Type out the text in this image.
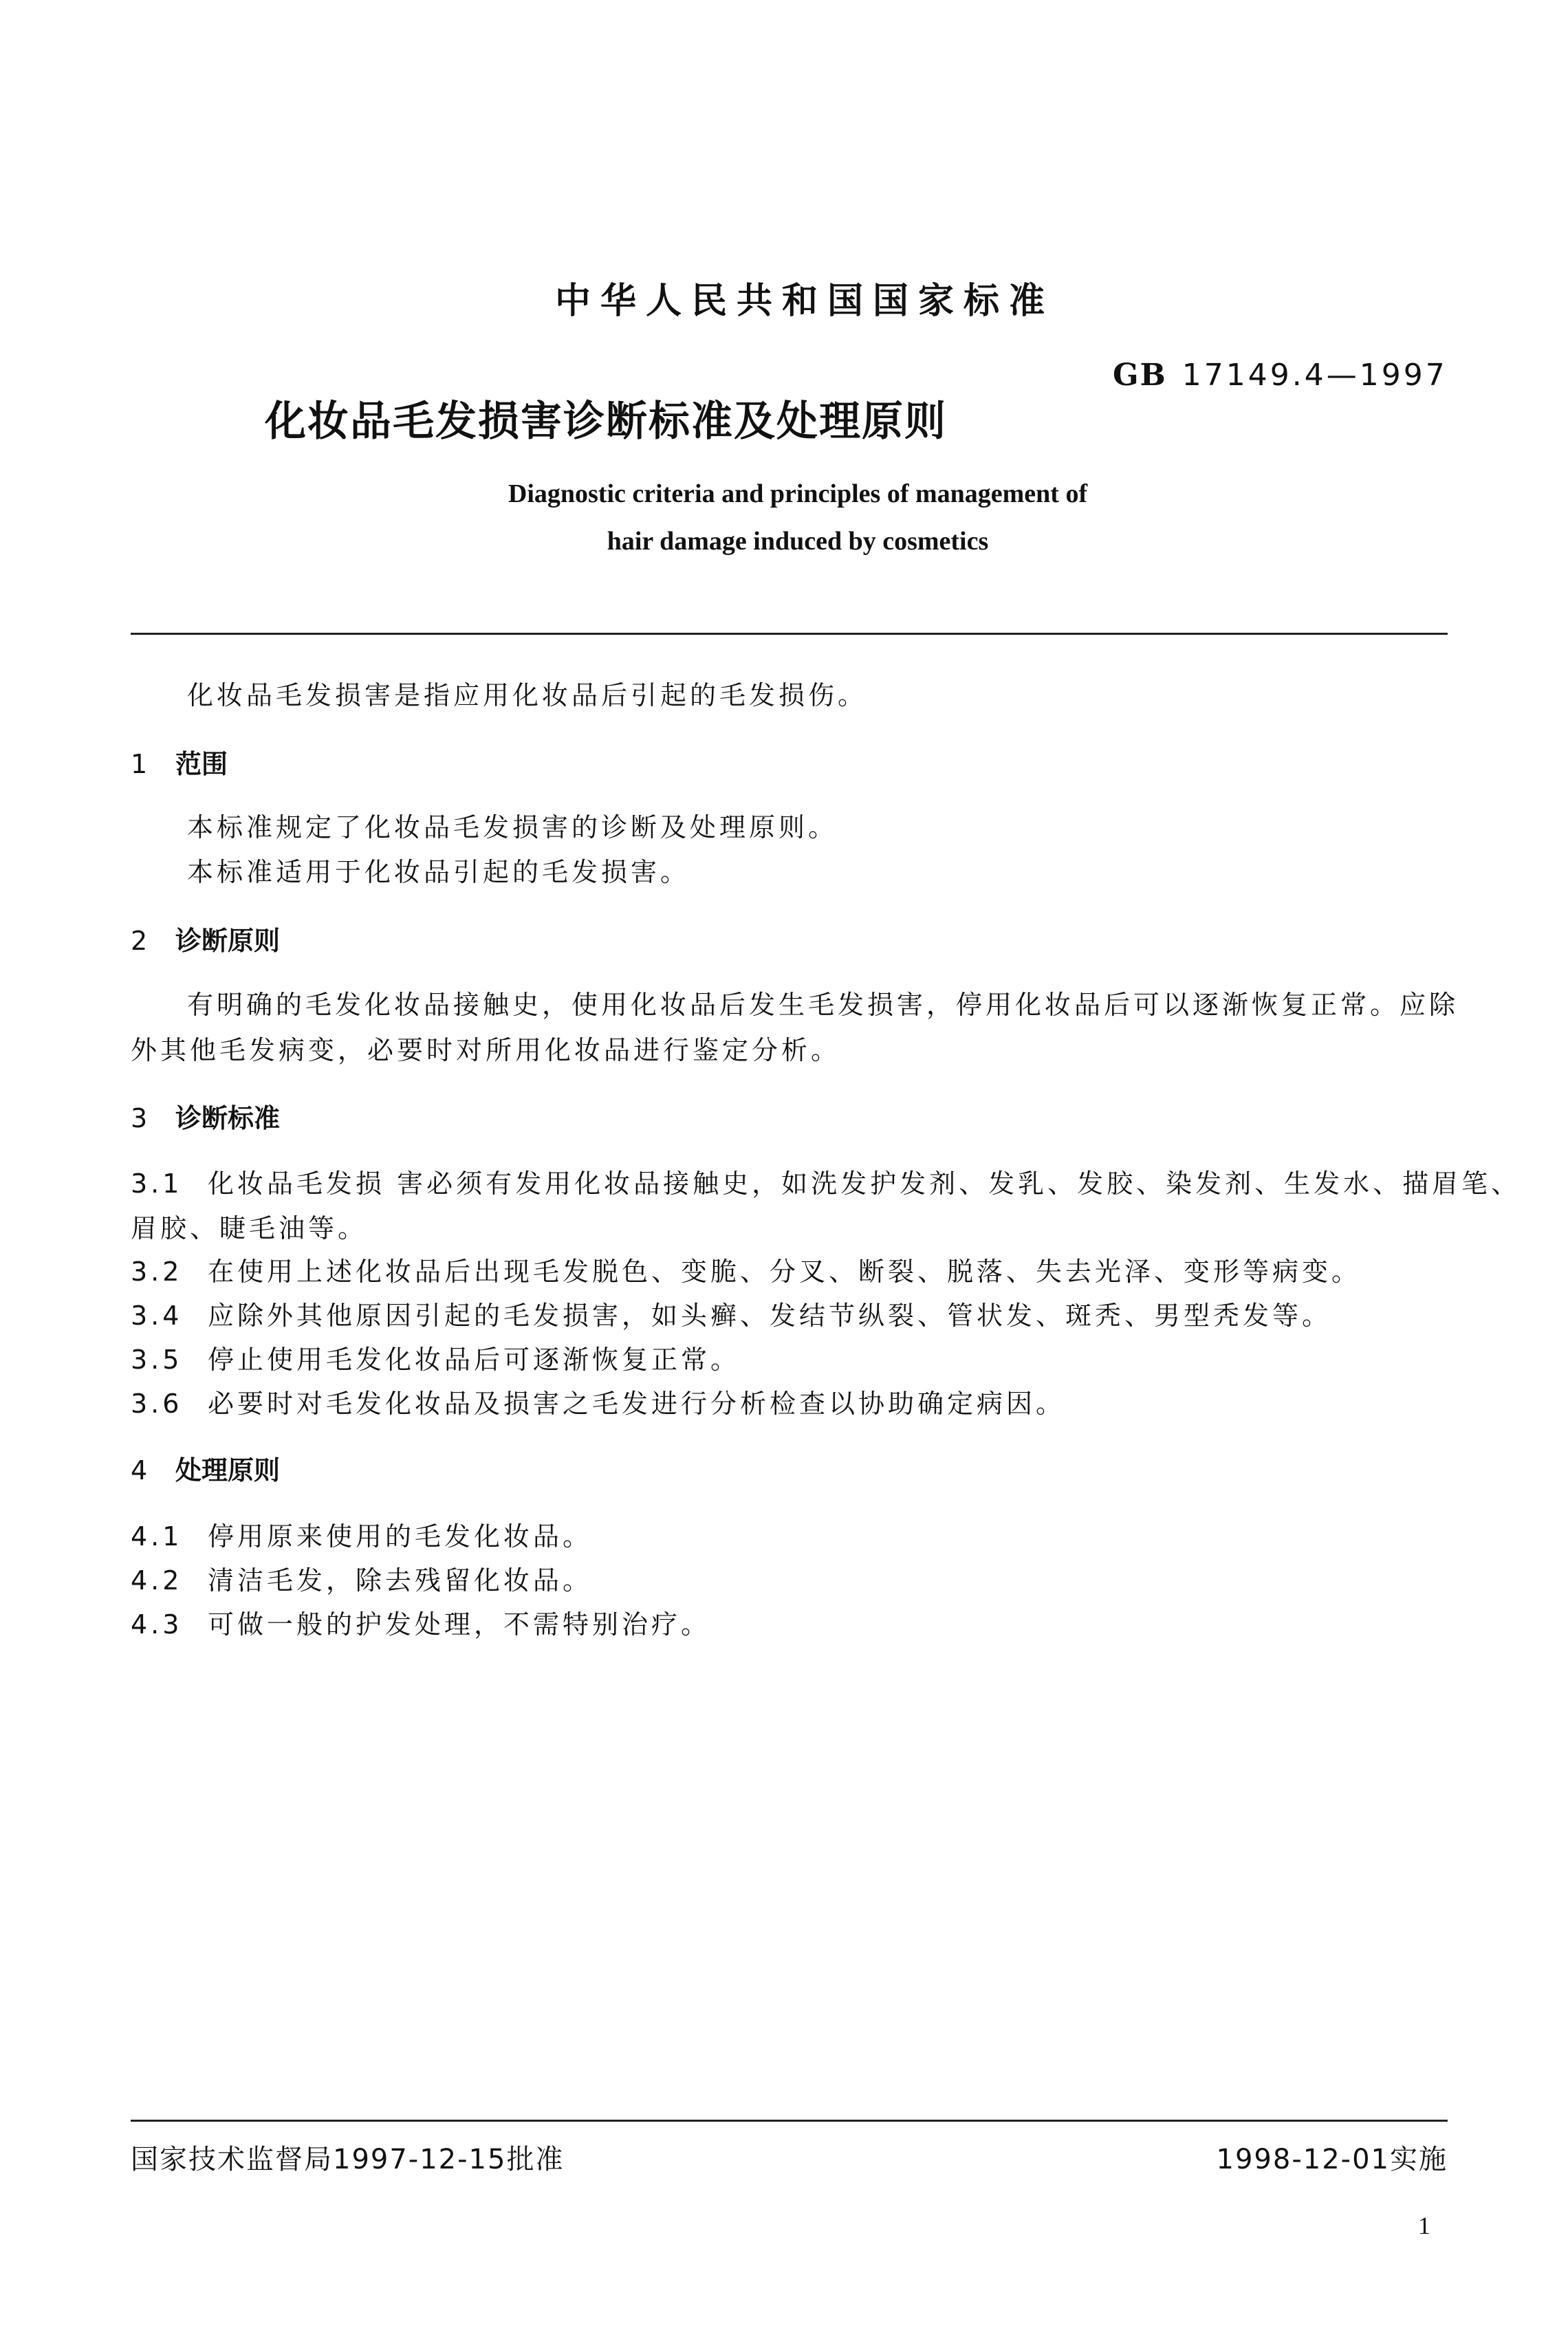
中华人民共和国国家标准
GB 17149.4—1997
化妆品毛发损害诊断标准及处理原则
Diagnostic criteria and principles of management of
hair damage induced by cosmetics
化妆品毛发损害是指应用化妆品后引起的毛发损伤。
1 范围
本标准规定了化妆品毛发损害的诊断及处理原则。
本标准适用于化妆品引起的毛发损害。
2 诊断原则
有明确的毛发化妆品接触史，使用化妆品后发生毛发损害，停用化妆品后可以逐渐恢复正常。应除
外其他毛发病变，必要时对所用化妆品进行鉴定分析。
3 诊断标准
3.1 化妆品毛发损 害必须有发用化妆品接触史，如洗发护发剂、发乳、发胶、染发剂、生发水、描眉笔、
眉胶、睫毛油等。
3.2 在使用上述化妆品后出现毛发脱色、变脆、分叉、断裂、脱落、失去光泽、变形等病变。
3.4 应除外其他原因引起的毛发损害，如头癣、发结节纵裂、管状发、斑秃、男型秃发等。
3.5 停止使用毛发化妆品后可逐渐恢复正常。
3.6 必要时对毛发化妆品及损害之毛发进行分析检查以协助确定病因。
4 处理原则
4.1 停用原来使用的毛发化妆品。
4.2 清洁毛发，除去残留化妆品。
4.3 可做一般的护发处理，不需特别治疗。
国家技术监督局1997-12-15批准	1998-12-01实施
1
